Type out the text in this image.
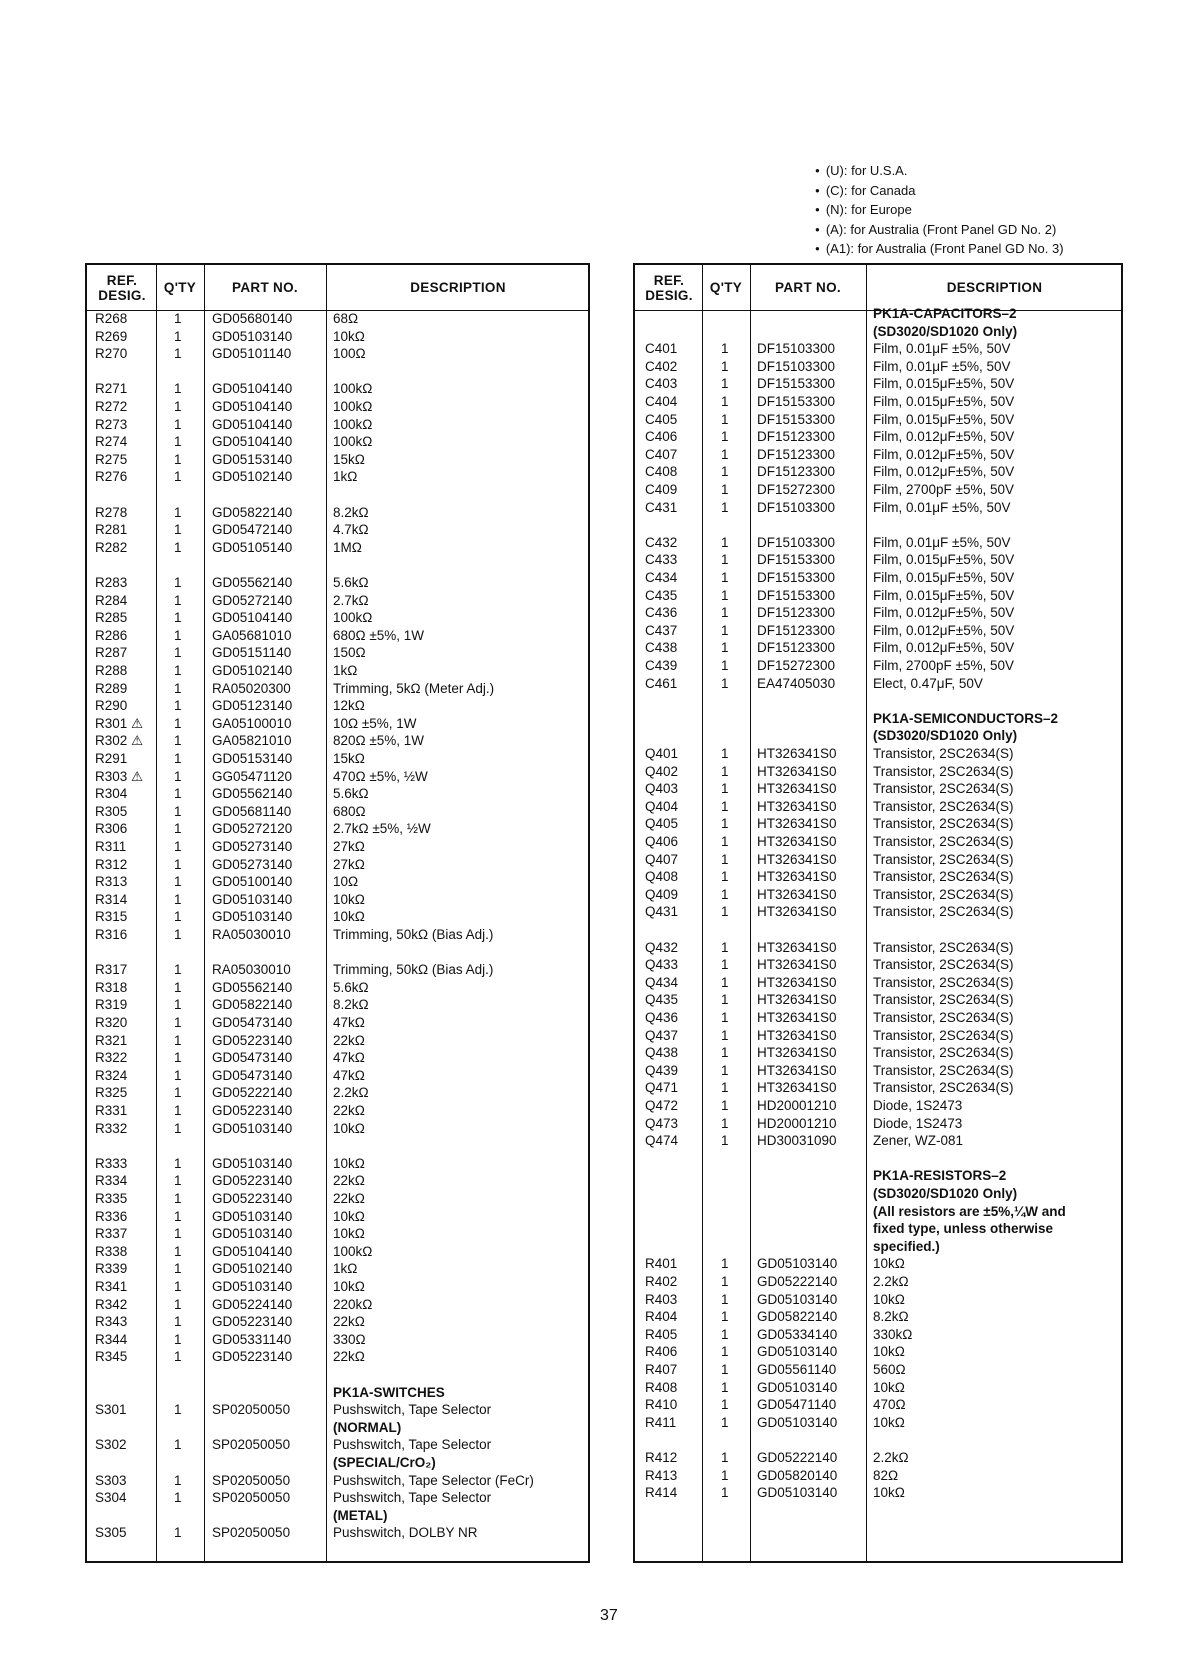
● (U): for U.S.A.
● (C): for Canada
● (N): for Europe
● (A): for Australia (Front Panel GD No. 2)
● (A1): for Australia (Front Panel GD No. 3)
REF. DESIG.	Q'TY	PART NO.	DESCRIPTION
R268	1 GD05680140	68Ω
R269	1 GD05103140	10kΩ
R270	1 GD05101140	100Ω
R271	1 GD05104140	100kΩ
R272	1 GD05104140	100kΩ
R273	1 GD05104140	100kΩ
R274	1 GD05104140	100kΩ
R275	1 GD05153140	15kΩ
R276	1 GD05102140	1kΩ
R278	1 GD05822140	8.2kΩ
R281	1 GD05472140	4.7kΩ
R282	1 GD05105140	1MΩ
R283	1 GD05562140	5.6kΩ
R284	1 GD05272140	2.7kΩ
R285	1 GD05104140	100kΩ
R286	1 GA05681010	680Ω ±5%, 1W
R287	1 GD05151140	150Ω
R288	1 GD05102140	1kΩ
R289	1 RA05020300	Trimming, 5kΩ (Meter Adj.)
R290	1 GD05123140	12kΩ
R301 ⚠ 1 GA05100010	10Ω ±5%, 1W
R302 ⚠ 1 GA05821010	820Ω ±5%, 1W
R291	1 GD05153140	15kΩ
R303 ⚠ 1 GG05471120	470Ω ±5%, ½W
R304	1 GD05562140	5.6kΩ
R305	1 GD05681140	680Ω
R306	1 GD05272120	2.7kΩ ±5%, ½W
R311	1 GD05273140	27kΩ
R312	1 GD05273140	27kΩ
R313	1 GD05100140	10Ω
R314	1 GD05103140	10kΩ
R315	1 GD05103140	10kΩ
R316	1 RA05030010	Trimming, 50kΩ (Bias Adj.)
R317	1 RA05030010	Trimming, 50kΩ (Bias Adj.)
R318	1 GD05562140	5.6kΩ
R319	1 GD05822140	8.2kΩ
R320	1 GD05473140	47kΩ
R321	1 GD05223140	22kΩ
R322	1 GD05473140	47kΩ
R324	1 GD05473140	47kΩ
R325	1 GD05222140	2.2kΩ
R331	1 GD05223140	22kΩ
R332	1 GD05103140	10kΩ
R333	1 GD05103140	10kΩ
R334	1 GD05223140	22kΩ
R335	1 GD05223140	22kΩ
R336	1 GD05103140	10kΩ
R337	1 GD05103140	10kΩ
R338	1 GD05104140	100kΩ
R339	1 GD05102140	1kΩ
R341	1 GD05103140	10kΩ
R342	1 GD05224140	220kΩ
R343	1 GD05223140	22kΩ
R344	1 GD05331140	330Ω
R345	1 GD05223140	22kΩ
PK1A-SWITCHES
S301	1 SP02050050	Pushswitch, Tape Selector
(NORMAL)
S302	1 SP02050050	Pushswitch, Tape Selector
(SPECIAL/CrO₂)
S303	1 SP02050050	Pushswitch, Tape Selector (FeCr)
S304	1 SP02050050	Pushswitch, Tape Selector
(METAL)
S305	1 SP02050050	Pushswitch, DOLBY NR
REF. DESIG.	Q'TY	PART NO.	DESCRIPTION
PK1A-CAPACITORS–2
(SD3020/SD1020 Only)
C401	1 DF15103300	Film, 0.01μF ±5%, 50V
C402	1 DF15103300	Film, 0.01μF ±5%, 50V
C403	1 DF15153300	Film, 0.015μF±5%, 50V
C404	1 DF15153300	Film, 0.015μF±5%, 50V
C405	1 DF15153300	Film, 0.015μF±5%, 50V
C406	1 DF15123300	Film, 0.012μF±5%, 50V
C407	1 DF15123300	Film, 0.012μF±5%, 50V
C408	1 DF15123300	Film, 0.012μF±5%, 50V
C409	1 DF15272300	Film, 2700pF ±5%, 50V
C431	1 DF15103300	Film, 0.01μF ±5%, 50V
C432	1 DF15103300	Film, 0.01μF ±5%, 50V
C433	1 DF15153300	Film, 0.015μF±5%, 50V
C434	1 DF15153300	Film, 0.015μF±5%, 50V
C435	1 DF15153300	Film, 0.015μF±5%, 50V
C436	1 DF15123300	Film, 0.012μF±5%, 50V
C437	1 DF15123300	Film, 0.012μF±5%, 50V
C438	1 DF15123300	Film, 0.012μF±5%, 50V
C439	1 DF15272300	Film, 2700pF ±5%, 50V
C461	1 EA47405030	Elect, 0.47μF, 50V
PK1A-SEMICONDUCTORS–2
(SD3020/SD1020 Only)
Q401	1 HT326341S0	Transistor, 2SC2634(S)
Q402	1 HT326341S0	Transistor, 2SC2634(S)
Q403	1 HT326341S0	Transistor, 2SC2634(S)
Q404	1 HT326341S0	Transistor, 2SC2634(S)
Q405	1 HT326341S0	Transistor, 2SC2634(S)
Q406	1 HT326341S0	Transistor, 2SC2634(S)
Q407	1 HT326341S0	Transistor, 2SC2634(S)
Q408	1 HT326341S0	Transistor, 2SC2634(S)
Q409	1 HT326341S0	Transistor, 2SC2634(S)
Q431	1 HT326341S0	Transistor, 2SC2634(S)
Q432	1 HT326341S0	Transistor, 2SC2634(S)
Q433	1 HT326341S0	Transistor, 2SC2634(S)
Q434	1 HT326341S0	Transistor, 2SC2634(S)
Q435	1 HT326341S0	Transistor, 2SC2634(S)
Q436	1 HT326341S0	Transistor, 2SC2634(S)
Q437	1 HT326341S0	Transistor, 2SC2634(S)
Q438	1 HT326341S0	Transistor, 2SC2634(S)
Q439	1 HT326341S0	Transistor, 2SC2634(S)
Q471	1 HT326341S0	Transistor, 2SC2634(S)
Q472	1 HD20001210	Diode, 1S2473
Q473	1 HD20001210	Diode, 1S2473
Q474	1 HD30031090	Zener, WZ-081
PK1A-RESISTORS–2
(SD3020/SD1020 Only)
(All resistors are ±5%,¼W and
fixed type, unless otherwise
specified.)
R401	1 GD05103140	10kΩ
R402	1 GD05222140	2.2kΩ
R403	1 GD05103140	10kΩ
R404	1 GD05822140	8.2kΩ
R405	1 GD05334140	330kΩ
R406	1 GD05103140	10kΩ
R407	1 GD05561140	560Ω
R408	1 GD05103140	10kΩ
R410	1 GD05471140	470Ω
R411	1 GD05103140	10kΩ
R412	1 GD05222140	2.2kΩ
R413	1 GD05820140	82Ω
R414	1 GD05103140	10kΩ
37
